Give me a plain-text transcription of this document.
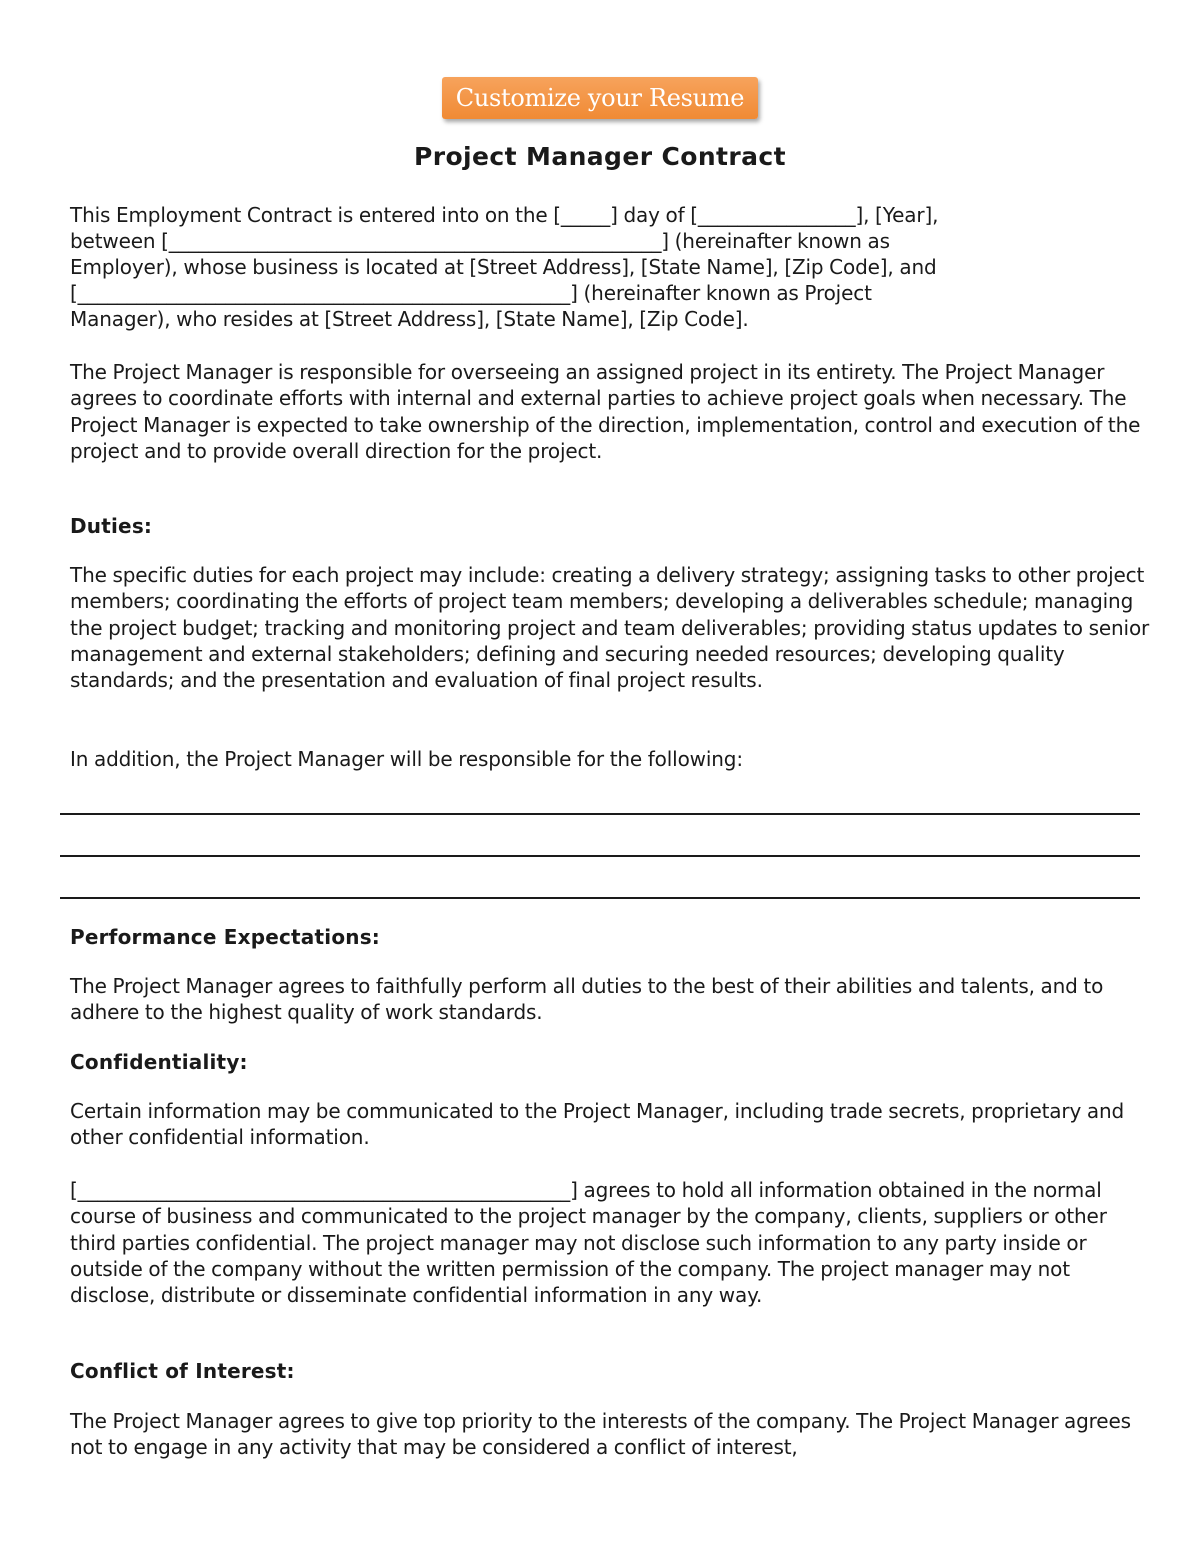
Customize your Resume
Project Manager Contract

This Employment Contract is entered into on the [_____] day of [________________], [Year],

between [__________________________________________________] (hereinafter known as

Employer), whose business is located at [Street Address], [State Name], [Zip Code], and

[__________________________________________________] (hereinafter known as Project

Manager), who resides at [Street Address], [State Name], [Zip Code].

The Project Manager is responsible for overseeing an assigned project in its entirety. The Project Manager agrees to coordinate efforts with internal and external parties to achieve project goals when necessary. The Project Manager is expected to take ownership of the direction, implementation, control and execution of the project and to provide overall direction for the project.

Duties:

The specific duties for each project may include: creating a delivery strategy; assigning tasks to other project members; coordinating the efforts of project team members; developing a deliverables schedule; managing the project budget; tracking and monitoring project and team deliverables; providing status updates to senior management and external stakeholders; defining and securing needed resources; developing quality standards; and the presentation and evaluation of final project results.

In addition, the Project Manager will be responsible for the following:

Performance Expectations:

The Project Manager agrees to faithfully perform all duties to the best of their abilities and talents, and to adhere to the highest quality of work standards.

Confidentiality:

Certain information may be communicated to the Project Manager, including trade secrets, proprietary and other confidential information.

[__________________________________________________] agrees to hold all information obtained in the normal course of business and communicated to the project manager by the company, clients, suppliers or other third parties confidential. The project manager may not disclose such information to any party inside or outside of the company without the written permission of the company. The project manager may not disclose, distribute or disseminate confidential information in any way.

Conflict of Interest:

The Project Manager agrees to give top priority to the interests of the company. The Project Manager agrees not to engage in any activity that may be considered a conflict of interest,
